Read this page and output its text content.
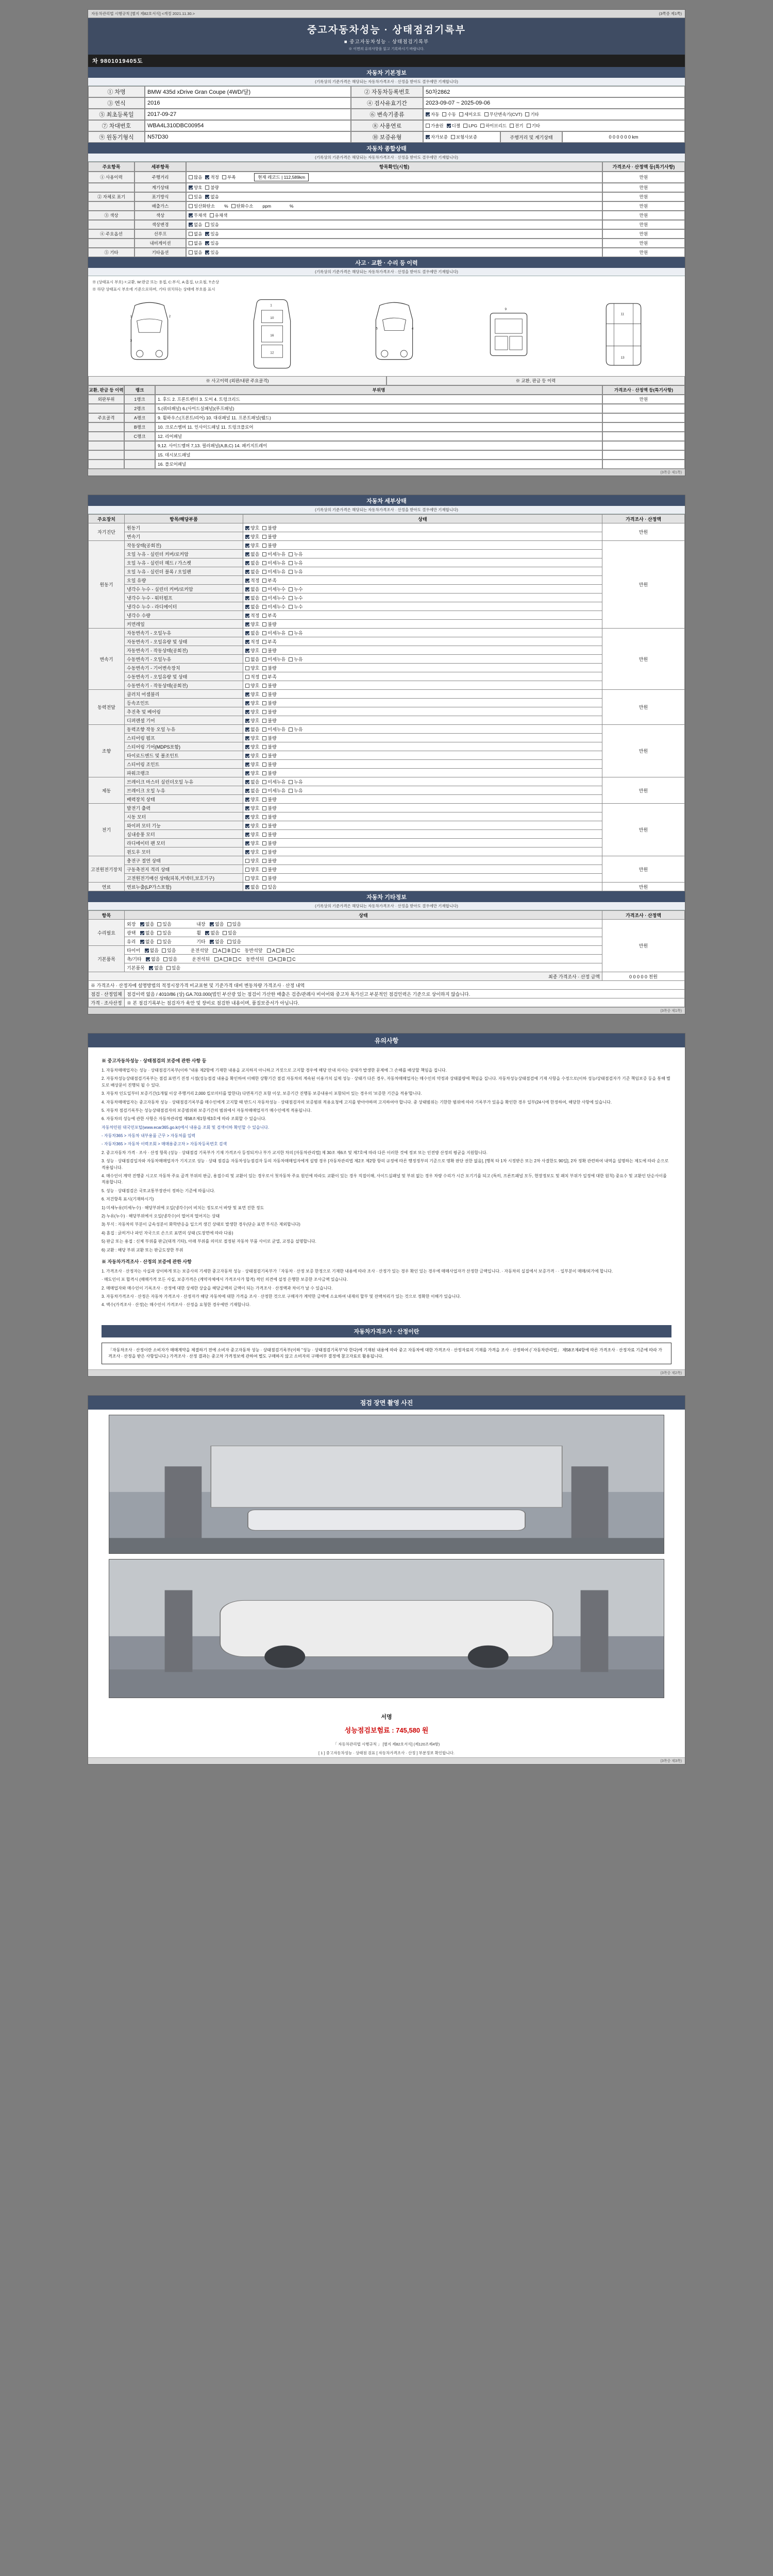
자동차관리법 시행규칙 [별지 제82호서식] <개정 2021.11.30.>	(3쪽중 제1쪽)
중고자동차성능 · 상태점검기록부
■ 중고자동차성능 · 상태점검기록부
※ 이면의 유의사항을 읽고 기록하시기 바랍니다.
차 9801019405도
자동차 기본정보
(기록상의 기준가격은 해당되는 자동차가격조사 · 산정을 받아도 결우에만 기재합니다)
① 차명	BMW 435d xDrive Gran Coupe (4WD/달)	② 자동차등록번호	50차2862
③ 연식	2016	④ 검사유효기간	2023-09-07 ~ 2025-09-06
⑤ 최초등록일	2017-09-27	⑥ 변속기종류	자동	수동	세미오토	무단변속기(CVT)	기타
⑦ 차대번호	WBA4L310DBC00954	⑧ 사용연료	가솔린	디젤	LPG	하이브리드	전기	기타
⑨ 원동기형식	N57D30	⑩ 보증유형	자가보증	보험사보증	주행거리 및 계기상태	0 0 0 0 0 0
km
자동차 종합상태
(기록상의 기준가격은 해당되는 자동차가격조사 · 산정을 받아도 결우에만 기재합니다)
주요항목	세부항목	항목확인(시험)	가격조사 · 산정액 등(특기사항)
① 사용이력	주행거리	많음	적정	부족	현재 레코드 | 112,589km	만원
계기상태	양호	불량	만원
② 자체로 표기	표기방식	있음	없음	만원
배출가스	일산화탄소 %	탄화수소 ppm	%	만원
③ 색상	색상	무채색	유채색	만원
색상변경	없음	있음	만원
④ 주요옵션	선루프	없음	있음	만원
내비게이션	없음	있음	만원
⑤ 기타	기타옵션	없음	있음	만원
사고 · 교환 · 수리 등 이력
(기록상의 기준가격은 해당되는 자동차가격조사 · 산정을 받아도 결우에만 기재합니다)
※ (상태표시 부호) ☓:교환, W:판금 또는 용접, C:부식, A:흠집, U:요철, T:손상
※ 하단 상태표시 부호에 기준으로하며, 기타 위치하는 상태에 부호를 표시
1	2
3
1
10
16
12
5	4
9
11
13
※ 사고이력 (외판/내판 주요골격)	※ 교환, 판금 등 이력
교환, 판금 등 이력	랭크	부위명	가격조사 · 산정액 등(특기사항)
외판부위	1랭크	1. 후드 2. 프론트펜더 3. 도어 4. 트렁크리드	만원
2랭크	5.(쿼터패널) 6.(사이드실패널)(루프패널)
주요골격	A랭크	9. 휠하우스(프론트/리어) 10. 대쉬패널 11. 프론트패널(웰드)
B랭크	10. 크로스멤버 11. 인사이드패널 11. 트렁크플로어
C랭크	12. 리어패널
9,12. 사이드멤버 7,13. 필러패널(A,B,C) 14. 패키지트레이
15. 데시보드패널
16. 플로어패널
(3쪽중 제1쪽)
자동차 세부상태
(기록상의 기준가격은 해당되는 자동차가격조사 · 산정을 받아도 결우에만 기재합니다)
주요장치	항목/해당부품	상태	가격조사 · 산정액
자기진단	원동기	양호 불량	만원
	변속기	양호 불량	
원동기	작동상태(공회전)	양호 불량	만원
	오일 누유 - 실린더 커버/로커암	없음 미세누유 누유	
	오일 누유 - 실린더 헤드 / 가스켓	없음 미세누유 누유	
	오일 누유 - 실린더 블록 / 오일팬	없음 미세누유 누유	
	오일 유량	적정 부족	
	냉각수 누수 - 실린더 커버/로커암	없음 미세누수 누수	
	냉각수 누수 - 워터펌프	없음 미세누수 누수	
	냉각수 누수 - 라디에이터	없음 미세누수 누수	
	냉각수 수량	적정 부족	
	커먼레일	양호 불량	
변속기	자동변속기 - 오일누유	없음 미세누유 누유	만원
	자동변속기 - 오일유량 및 상태	적정 부족	
	자동변속기 - 작동상태(공회전)	양호 불량	
	수동변속기 - 오일누유	없음 미세누유 누유	
	수동변속기 - 기어변속장치	양호 불량	
	수동변속기 - 오일유량 및 상태	적정 부족	
	수동변속기 - 작동상태(공회전)	양호 불량	
동력전달	클러치 어셈블리	양호 불량	만원
	등속조인트	양호 불량	
	추진축 및 베어링	양호 불량	
	디퍼렌셜 기어	양호 불량	
조향	동력조향 작동 오일 누유	없음 미세누유 누유	만원
	스티어링 펌프	양호 불량	
	스티어링 기어(MDPS포함)	양호 불량	
	타이로드엔드 및 볼조인트	양호 불량	
	스티어링 조인트	양호 불량	
	파워크랭크	양호 불량	
제동	브레이크 마스터 실린더오일 누유	없음 미세누유 누유	만원
	브레이크 오일 누유	없음 미세누유 누유	
	배력장치 상태	양호 불량	
전기	발전기 출력	양호 불량	만원
	시동 모터	양호 불량	
	와이퍼 모터 기능	양호 불량	
	실내송풍 모터	양호 불량	
	라디에이터 팬 모터	양호 불량	
	윈도우 모터	양호 불량	
고전원전기장치	충전구 절연 상태	양호 불량	만원
	구동축전지 격리 상태	양호 불량	
	고전원전기배선 상태(피복,커넥터,보호기구)	양호 불량	
연료	연료누출(LP가스포함)	없음 있음	만원
자동차 기타정보
(기록상의 기준가격은 해당되는 자동차가격조사 · 산정을 받아도 결우에만 기재합니다)
항목	상태	가격조사 · 산정액
수리필요	외장 없음 있음 내장 없음 있음	만원
	광택 없음 있음 휠 없음 있음	
	유리 없음 있음 기타 없음 있음	
기본품목	타이어 없음 있음 운전석앞 A B C 동반석앞 A B C	
	축/기타 없음 있음 운전석뒤 A B C 동반석뒤 A B C	
	기본품목 없음 있음	
최종 가격조사 · 산정 금액		0 0 0 0 0 천원
※ 가격조사 · 산정자에 설명방법의 적정시장가격 비교표현 및 기준가격 대비 변동차량 가격조사 · 산정 내역		
점검 · 산정업체	점검이력 없음 / 4010/86 (상) GA.703.000(법인 부산광 있는 점검이 가산한 매출은 검증/관례사 비이어와 중고차 특가신고 부분적인 점검인력은 기준으로 상이하지 않습니다.	
가격 · 조사산정	※ 본 점검기록부는 점검자가 육안 및 장비로 점검한 내용이며, 품질보증서가 아닙니다.	
(3쪽중 제1쪽)
유의사항
※ 중고자동차성능 · 상태점검의 보증에 관한 사항 등

1. 자동차매매업자는 성능 · 상태점검기록부(이하 "내용 제2항에 기재한 내용을 교지하지 아니하고 거짓으로 고지할 경우에 해당 안내 의사는 상대가 발생한 문제에 그 손해를 배상할 책임을 집니다.

2. 자동차성능상태점검기록부는 점검 표면기 진정 시점(성능점검 내용을 확인하여 이해한 상황기간 점검 자동차의 계속된 이용가치 실제 성능 · 상태가 다른 경우, 자동차매매업자는 매수인의 약정과 상태불량에 책임을 집니다. 자동차성능상태점검에 기재 사항을 수정으로(이하 성능/상태점검자가 기준 책임보증 등을 통해 별도로 배상문이 진행되 될 수 있다.

3. 자동차 인도일부터 보증기간(1개월 이상 주행거리 2,000 킬로미터를 말한다) 다면복기간 포함 이상, 보증기간 진행동 보증내용이 포함되어 있는 경우의 '보증한 기간을 적용'합니다.

4. 자동차매매업자는 중고자동차 성능 · 상태점검기록부를 매수인에게 고지할 때 반드시 자동차성능 · 상태점검자의 보증범위 적용요청에 고지를 받아야하며 고지하여야 합니다. 중 상태범위는 기한한 범위에 따라 기록부가 있음을 확인한 경우 일부(24시에 한정하여, 해당한 사항에 있습니다.

5. 자동차 점검기록부는 성능상태점검자의 보증범위와 보증기간의 범위에서 자동차매매업자가 매수인에게 적용됩니다.

6. 자동차의 성능에 관한 사항은 자동차관리법 제58조제1항제3호에 따라 조회할 수 있습니다.

자동차민원 대국민포털(www.ecar365.go.kr)에서 내용을 조회 및 검색이하 확인할 수 있습니다.

- 자동차365 > 자동차 내부용품 근무 > 자동처를 입력

- 자동차365 > 자동차 이력조회 > 매매용중고차 > 자동차등록번호 검색

2. 중고자동차 가격 · 조사 · 산정 항목 (성능 · 상태점검 기록부가 기재 가격조사 등정되거나 부가 교지한 차의 [자동차관리법] 제 30조 제6조 및 제7호에 따라 다른 이러한 것에 정보 또는 인전방 산정의 평균을 지원합니다.

3. 성능 · 상태점검일자와 자동차매매업자가 기지고로 성능 · 상태 점검을 자동차성능점검자 등의 자동차매매업자에게 설명 경우 [자동차관리법 제2조 제2항 항의 규정에 따른 행정정부의 기준으로 명확 판단 권한 없음], [행복 타 1차 시정받은 또는 2차 사결한도 90일], 2차 정확 관련하여 내역을 설명하는 제도에 따라 순으로 적용됩니다.

4. 매수인이 계약 진행중 시고로 자동차 주요 골격 부위의 판금, 용접수리 및 교환이 있는 경우로서 첫자동차 주요 원인에 따라도 교환이 있는 경우 직접이해, 사이드실패널 및 부위 없는 경우 차량 수리가 시간 포기기를 되고 (특히, 프론트패널 모두, 현장정보도 및 패치 부위가 일정에 대한 원칙) 중요수 및 교환인 단순사이를 적용합니다.

5. 성능 · 상태점검은 국토교통부장관이 정하는 기준에 따릅니다.

6. 저건항목 표시(기재하시기)

1) 미세누유(미세누수) · 해당부위에 오일(냉각수)이 비치는 정도로서 바탕 및 표면 진한 정도

2) 누유(누수) · 해당부위에서 오일(냉각수)이 떨어져 떨어지는 상태

3) 부식 : 자동차의 부분이 금속성분이 화학반응을 일으켜 생긴 상태로 발생한 경우(단순 표면 부식은 제외합니다)

4) 흠집 : 긁히거나 파인 자국으로 손으로 표면의 상태 (도장면에 따라 다름)

5) 판금 또는 용접 : 신체 부위를 판금(대개 기타), 아래 부위를 의미로 절정된 자동차 부품 사이로 균열, 교정을 설명합니다.

6) 교환 : 해당 부위 교환 또는 판금도장한 부위

※ 자동차가격조사 · 산정의 보증에 관한 사항

1. 가격조사 · 산정자는 사실과 상이하게 또는 보증사의 기세한 중고자동차 성능 · 상태점검기록부가「자동차 · 산정 보증 한정으로 기재한 내용에 따라 조사 · 산정가 있는 경우 확인 있는 경우에 매매사업자가 산정한 금액입니다. · 자동차의 실질에서 보증가격 · · 일부분이 매매/외가에 합니다.

· 매도인이 포 합격시 (매매가격 모든 사실, 보증가격은 (계약자체에서 가격조사가 합격) 적인 의견에 설정 은행한 보증한 조사금액 있습니다.

2. 매매업자와 매수인이 기록조사 · 산정에 대한 상세한 상술을 해당금액의 금액이 되는 가격조사 · 산정액과 차이가 날 수 있습니다.

3. 자동차가격조사 · 산정은 자동차 가격조사 · 산정자가 해당 자동차에 대한 가격을 조사 · 산정한 것으로 구매자가 계약한 금액에 소요하여 내재의 할부 및 잔액처리가 있는 것으로 정확한 이해가 있습니다.

4. 액수(가격조사 · 산정)는 매수인이 가격조사 · 산정을 요청한 경우에만 기재합니다.

자동차가격조사 · 산정이란
「자동차조사 · 산정이란 소비자가 매매계약을 체결하기 전에 소비자 중고자동차 성능 · 상태점검기록부(이하 "성능 · 상태점검기록부"라 한다)에 기재된 내용에 따라 중고 자동차에 대한 가격조사 · 산정자료의 기재를 가격을 조사 · 산정하여 (「자동차관리법」 제58조제4항에 따른 가격조사 · 산정자료 기준에 따라 가격조사 · 산정을 받은 사항입니다.) 가격조사 · 산정 결과는 중고차 가격정보에 관하여 별도 구매하지 않고 소비자의 구매여부 결정에 참고자료로 활용됩니다.
(3쪽중 제2쪽)
점검 장면 촬영 사진
서명
성능점검보험료 : 745,580 원
「 자동차관리법 시행규칙 」 [별지 제82호서식] (제120조제4항)
[ 1 ] 중고자동차성능 · 상태점 검표 [ 자동차가격조사 · 산정 ] 부분정보 확인합니다.
(3쪽중 제3쪽)
